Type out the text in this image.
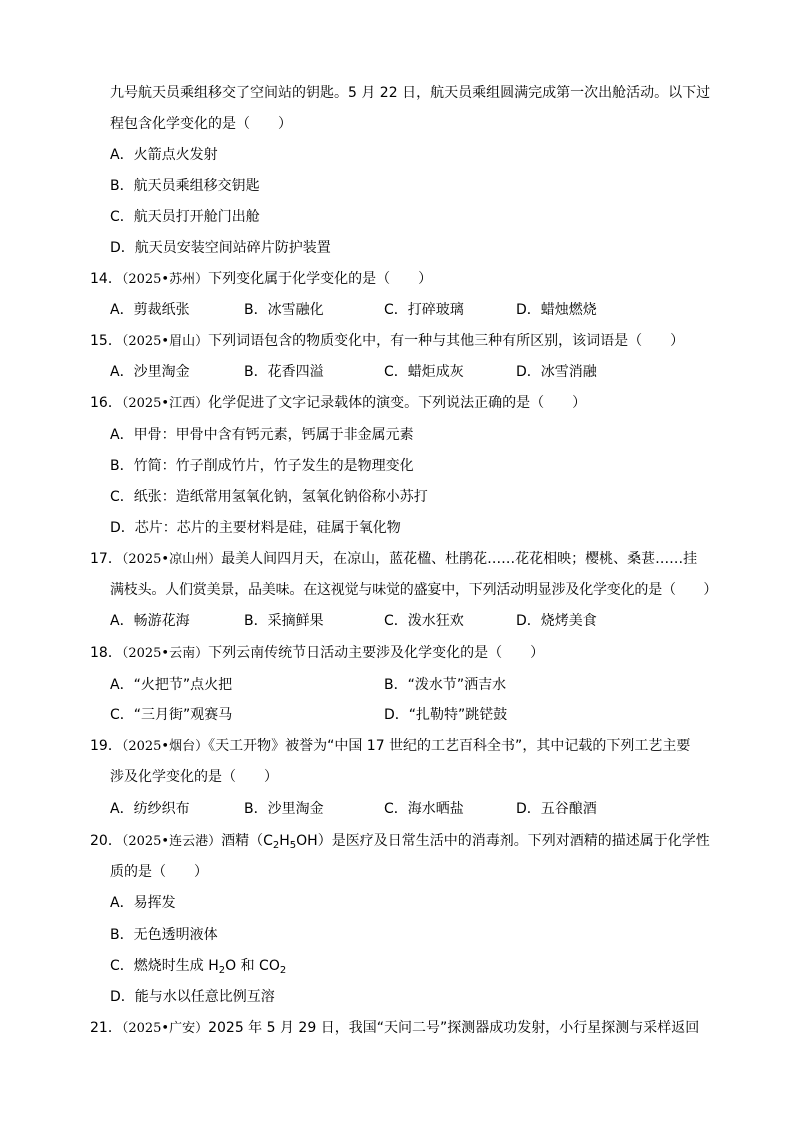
九号航天员乘组移交了空间站的钥匙。5 月 22 日，航天员乘组圆满完成第一次出舱活动。以下过
程包含化学变化的是（　　）
A．火箭点火发射
B．航天员乘组移交钥匙
C．航天员打开舱门出舱
D．航天员安装空间站碎片防护装置
14．（2025•苏州）下列变化属于化学变化的是（　　）
A．剪裁纸张	B．冰雪融化	C．打碎玻璃	D．蜡烛燃烧
15．（2025•眉山）下列词语包含的物质变化中，有一种与其他三种有所区别，该词语是（　　）
A．沙里淘金	B．花香四溢	C．蜡炬成灰	D．冰雪消融
16．（2025•江西）化学促进了文字记录载体的演变。下列说法正确的是（　　）
A．甲骨：甲骨中含有钙元素，钙属于非金属元素
B．竹简：竹子削成竹片，竹子发生的是物理变化
C．纸张：造纸常用氢氧化钠，氢氧化钠俗称小苏打
D．芯片：芯片的主要材料是硅，硅属于氧化物
17．（2025•凉山州）最美人间四月天，在凉山，蓝花楹、杜鹃花……花花相映；樱桃、桑葚……挂
满枝头。人们赏美景，品美味。在这视觉与味觉的盛宴中，下列活动明显涉及化学变化的是（　　）
A．畅游花海	B．采摘鲜果	C．泼水狂欢	D．烧烤美食
18．（2025•云南）下列云南传统节日活动主要涉及化学变化的是（　　）
A．“火把节”点火把	B．“泼水节”洒吉水
C．“三月街”观赛马	D．“扎勒特”跳铓鼓
19．（2025•烟台）《天工开物》被誉为“中国 17 世纪的工艺百科全书”，其中记载的下列工艺主要
涉及化学变化的是（　　）
A．纺纱织布	B．沙里淘金	C．海水晒盐	D．五谷酿酒
20．（2025•连云港）酒精$(C_2H_5OH)$是医疗及日常生活中的消毒剂。下列对酒精的描述属于化学性
质的是（　　）
A．易挥发
B．无色透明液体
C．燃烧时生成 $H_2O$ 和 $CO_2$
D．能与水以任意比例互溶
21．（2025•广安）2025 年 5 月 29 日，我国“天问二号”探测器成功发射，小行星探测与采样返回
